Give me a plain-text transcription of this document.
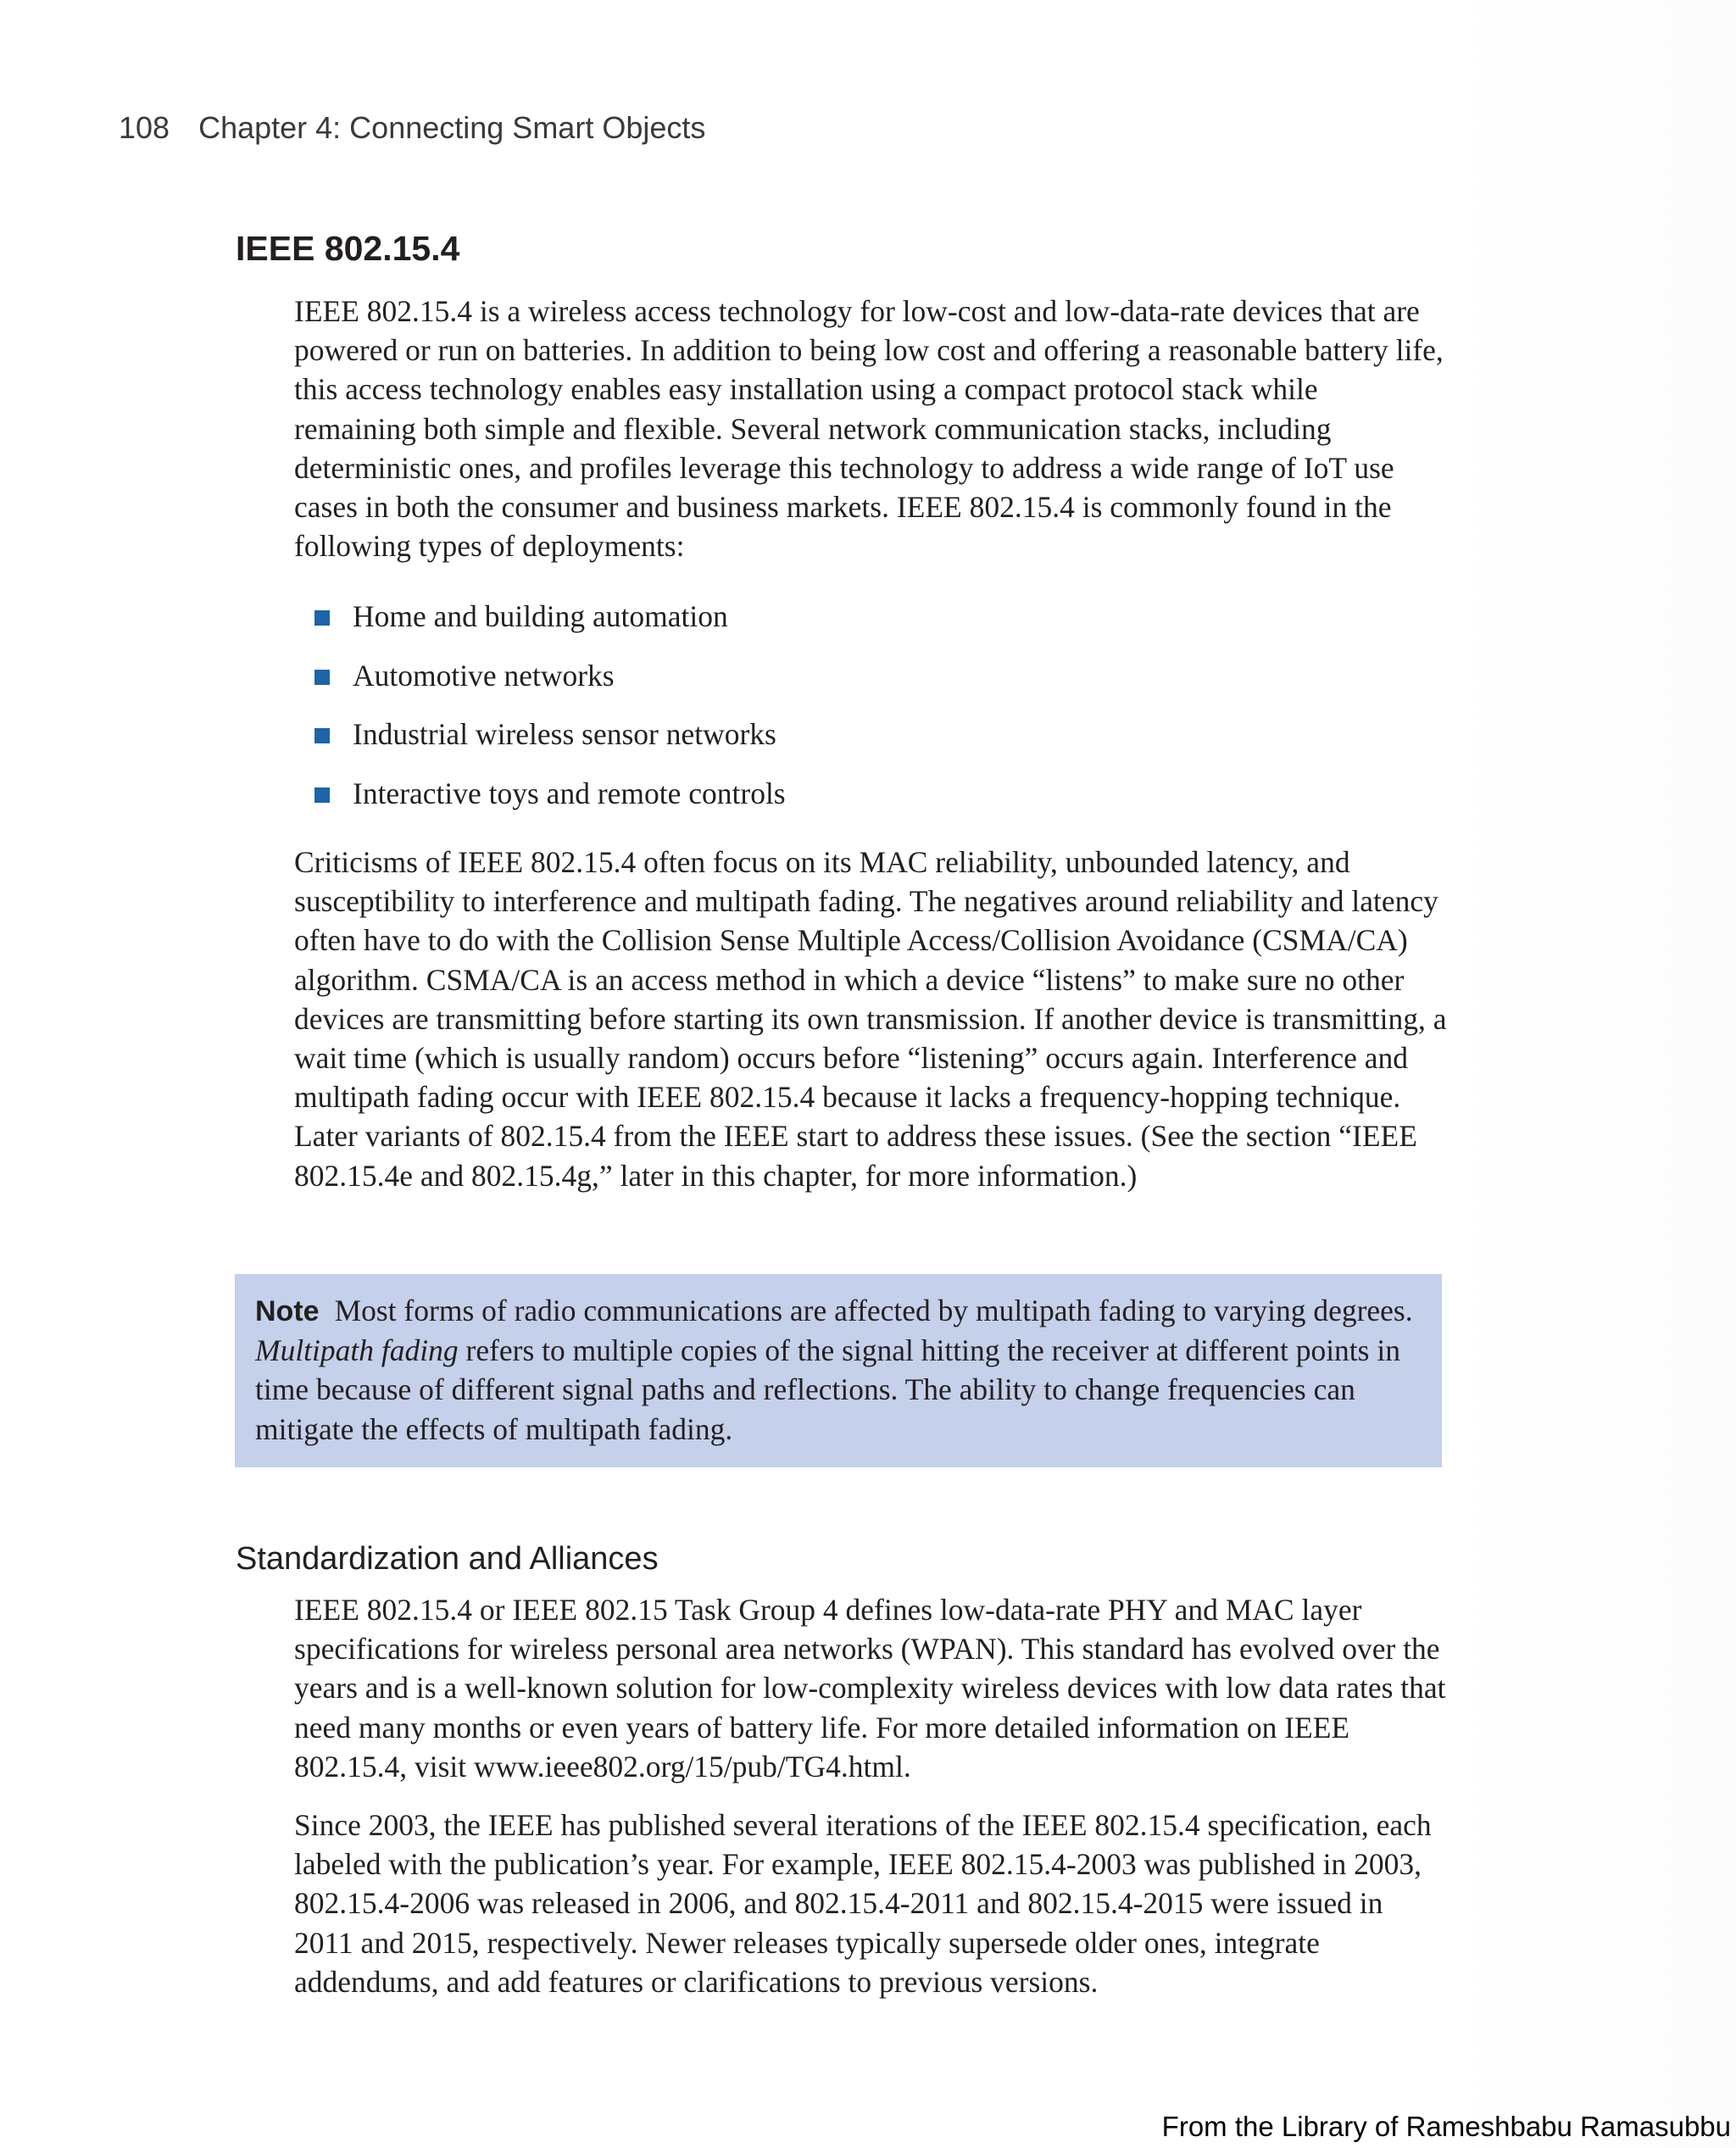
108 Chapter 4: Connecting Smart Objects
IEEE 802.15.4

IEEE 802.15.4 is a wireless access technology for low-cost and low-data-rate devices that are powered or run on batteries. In addition to being low cost and offering a reasonable battery life, this access technology enables easy installation using a compact protocol stack while remaining both simple and flexible. Several network communication stacks, including deterministic ones, and profiles leverage this technology to address a wide range of IoT use cases in both the consumer and business markets. IEEE 802.15.4 is commonly found in the following types of deployments:

Home and building automation
Automotive networks
Industrial wireless sensor networks
Interactive toys and remote controls

Criticisms of IEEE 802.15.4 often focus on its MAC reliability, unbounded latency, and susceptibility to interference and multipath fading. The negatives around reliability and latency often have to do with the Collision Sense Multiple Access/Collision Avoidance (CSMA/CA) algorithm. CSMA/CA is an access method in which a device “listens” to make sure no other devices are transmitting before starting its own transmission. If another device is transmitting, a wait time (which is usually random) occurs before “listening” occurs again. Interference and multipath fading occur with IEEE 802.15.4 because it lacks a frequency-hopping technique. Later variants of 802.15.4 from the IEEE start to address these issues. (See the section “IEEE 802.15.4e and 802.15.4g,” later in this chapter, for more information.)

Note Most forms of radio communications are affected by multipath fading to varying degrees. Multipath fading refers to multiple copies of the signal hitting the receiver at different points in time because of different signal paths and reflections. The ability to change frequencies can mitigate the effects of multipath fading.

Standardization and Alliances

IEEE 802.15.4 or IEEE 802.15 Task Group 4 defines low-data-rate PHY and MAC layer specifications for wireless personal area networks (WPAN). This standard has evolved over the years and is a well-known solution for low-complexity wireless devices with low data rates that need many months or even years of battery life. For more detailed information on IEEE 802.15.4, visit www.ieee802.org/15/pub/TG4.html.

Since 2003, the IEEE has published several iterations of the IEEE 802.15.4 specification, each labeled with the publication’s year. For example, IEEE 802.15.4-2003 was published in 2003, 802.15.4-2006 was released in 2006, and 802.15.4-2011 and 802.15.4-2015 were issued in 2011 and 2015, respectively. Newer releases typically supersede older ones, integrate addendums, and add features or clarifications to previous versions.

From the Library of Rameshbabu Ramasubbu
